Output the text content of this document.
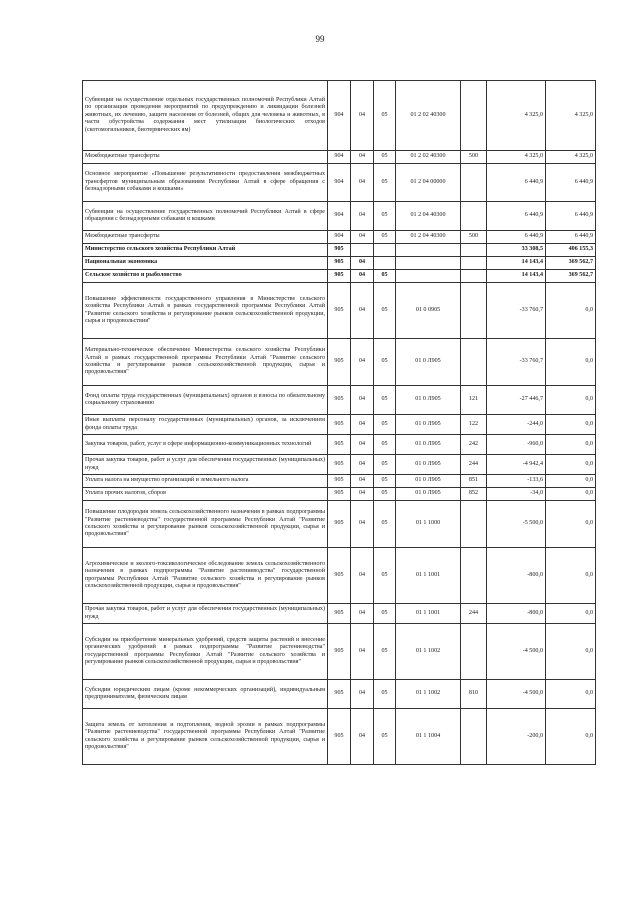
99
Субвенции на осуществление отдельных государственных полномочий Республики Алтай по организации проведения мероприятий по предупреждению и ликвидации болезней животных, их лечению, защите населения от болезней, общих для человека и животных, в части обустройства содержания мест утилизации биологических отходов (скотомогильников, биотермических ям)	904	04	05	01 2 02 40300		4 325,0	4 325,0
Межбюджетные трансферты	904	04	05	01 2 02 40300	500	4 325,0	4 325,0
Основное мероприятие «Повышение результативности предоставления межбюджетных трансфертов муниципальным образованиям Республики Алтай в сфере обращения с безнадзорными собаками и кошками»	904	04	05	01 2 04 00000		6 440,9	6 440,9
Субвенции на осуществление государственных полномочий Республики Алтай в сфере обращения с безнадзорными собаками и кошками	904	04	05	01 2 04 40300		6 440,9	6 440,9
Межбюджетные трансферты	904	04	05	01 2 04 40300	500	6 440,9	6 440,9
Министерство сельского хозяйства Республики Алтай	905					33 308,5	406 155,3
Национальная экономика	905	04				14 143,4	369 562,7
Сельское хозяйство и рыболовство	905	04	05			14 143,4	369 562,7
Повышение эффективности государственного управления в Министерстве сельского хозяйства Республики Алтай в рамках государственной программы Республики Алтай "Развитие сельского хозяйства и регулирование рынков сельскохозяйственной продукции, сырья и продовольствия"	905	04	05	01 0 0905		-33 760,7	0,0
Материально-техническое обеспечение Министерства сельского хозяйства Республики Алтай в рамках государственной программы Республики Алтай "Развитие сельского хозяйства и регулирование рынков сельскохозяйственной продукции, сырья и продовольствия"	905	04	05	01 0 Л905		-33 760,7	0,0
Фонд оплаты труда государственных (муниципальных) органов и взносы по обязательному социальному страхованию	905	04	05	01 0 Л905	121	-27 446,7	0,0
Иные выплаты персоналу государственных (муниципальных) органов, за исключением фонда оплаты труда	905	04	05	01 0 Л905	122	-244,0	0,0
Закупка товаров, работ, услуг в сфере информационно-коммуникационных технологий	905	04	05	01 0 Л905	242	-960,0	0,0
Прочая закупка товаров, работ и услуг для обеспечения государственных (муниципальных) нужд	905	04	05	01 0 Л905	244	-4 942,4	0,0
Уплата налога на имущество организаций и земельного налога	905	04	05	01 0 Л905	851	-133,6	0,0
Уплата прочих налогов, сборов	905	04	05	01 0 Л905	852	-34,0	0,0
Повышение плодородия земель сельскохозяйственного назначения в рамках подпрограммы "Развитие растениеводства" государственной программы Республики Алтай "Развитие сельского хозяйства и регулирование рынков сельскохозяйственной продукции, сырья и продовольствия"	905	04	05	01 1 1000		-5 500,0	0,0
Агрохимическое и эколого-токсикологическое обследование земель сельскохозяйственного назначения в рамках подпрограммы "Развитие растениеводства" государственной программы Республики Алтай "Развитие сельского хозяйства и регулирование рынков сельскохозяйственной продукции, сырья и продовольствия"	905	04	05	01 1 1001		-800,0	0,0
Прочая закупка товаров, работ и услуг для обеспечения государственных (муниципальных) нужд	905	04	05	01 1 1001	244	-800,0	0,0
Субсидии на приобретение минеральных удобрений, средств защиты растений и внесение органических удобрений в рамках подпрограммы "Развитие растениеводства" государственной программы Республики Алтай "Развитие сельского хозяйства и регулирование рынков сельскохозяйственной продукции, сырья и продовольствия"	905	04	05	01 1 1002		-4 500,0	0,0
Субсидии юридическим лицам (кроме некоммерческих организаций), индивидуальным предпринимателям, физическим лицам	905	04	05	01 1 1002	810	-4 500,0	0,0
Защита земель от затопления и подтопления, водной эрозии в рамках подпрограммы "Развитие растениеводства" государственной программы Республики Алтай "Развитие сельского хозяйства и регулирование рынков сельскохозяйственной продукции, сырья и продовольствия"	905	04	05	01 1 1004		-200,0	0,0
